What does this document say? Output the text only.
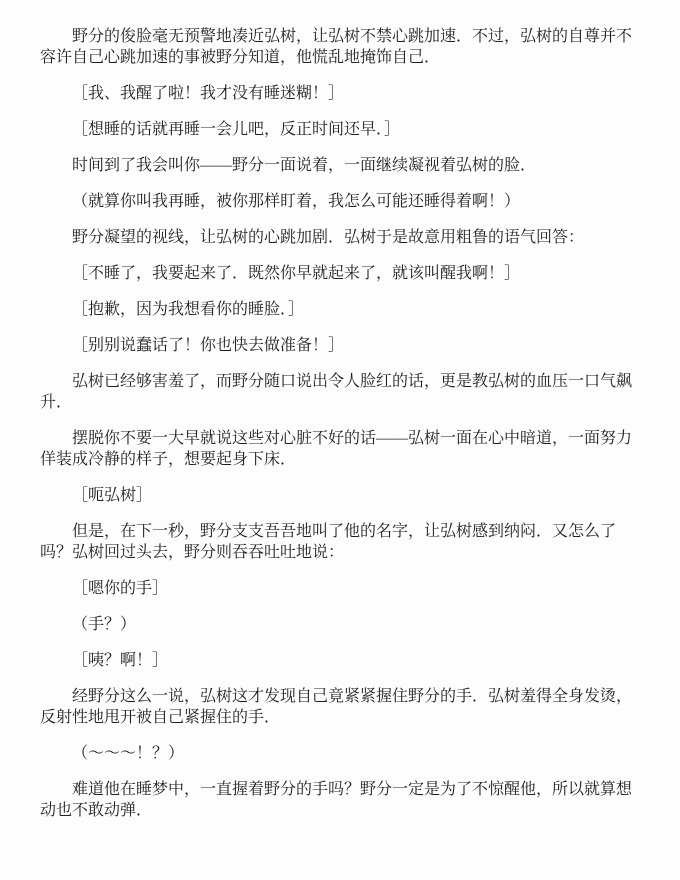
野分的俊脸毫无预警地凑近弘树，让弘树不禁心跳加速．不过，弘树的自尊并不容许自己心跳加速的事被野分知道，他慌乱地掩饰自己．

［我、我醒了啦！我才没有睡迷糊！］

［想睡的话就再睡一会儿吧，反正时间还早．］

时间到了我会叫你——野分一面说着，一面继续凝视着弘树的脸．

（就算你叫我再睡，被你那样盯着，我怎么可能还睡得着啊！）

野分凝望的视线，让弘树的心跳加剧．弘树于是故意用粗鲁的语气回答：

［不睡了，我要起来了．既然你早就起来了，就该叫醒我啊！］

［抱歉，因为我想看你的睡脸．］

［别别说蠢话了！你也快去做准备！］

弘树已经够害羞了，而野分随口说出令人脸红的话，更是教弘树的血压一口气飙升．

摆脱你不要一大早就说这些对心脏不好的话——弘树一面在心中暗道，一面努力佯装成冷静的样子，想要起身下床．

［呃弘树］

但是，在下一秒，野分支支吾吾地叫了他的名字，让弘树感到纳闷．又怎么了吗？弘树回过头去，野分则吞吞吐吐地说：

［嗯你的手］

（手？）

［咦？啊！］

经野分这么一说，弘树这才发现自己竟紧紧握住野分的手．弘树羞得全身发烫，反射性地甩开被自己紧握住的手．

（～～～！？）

难道他在睡梦中，一直握着野分的手吗？野分一定是为了不惊醒他，所以就算想动也不敢动弹．
